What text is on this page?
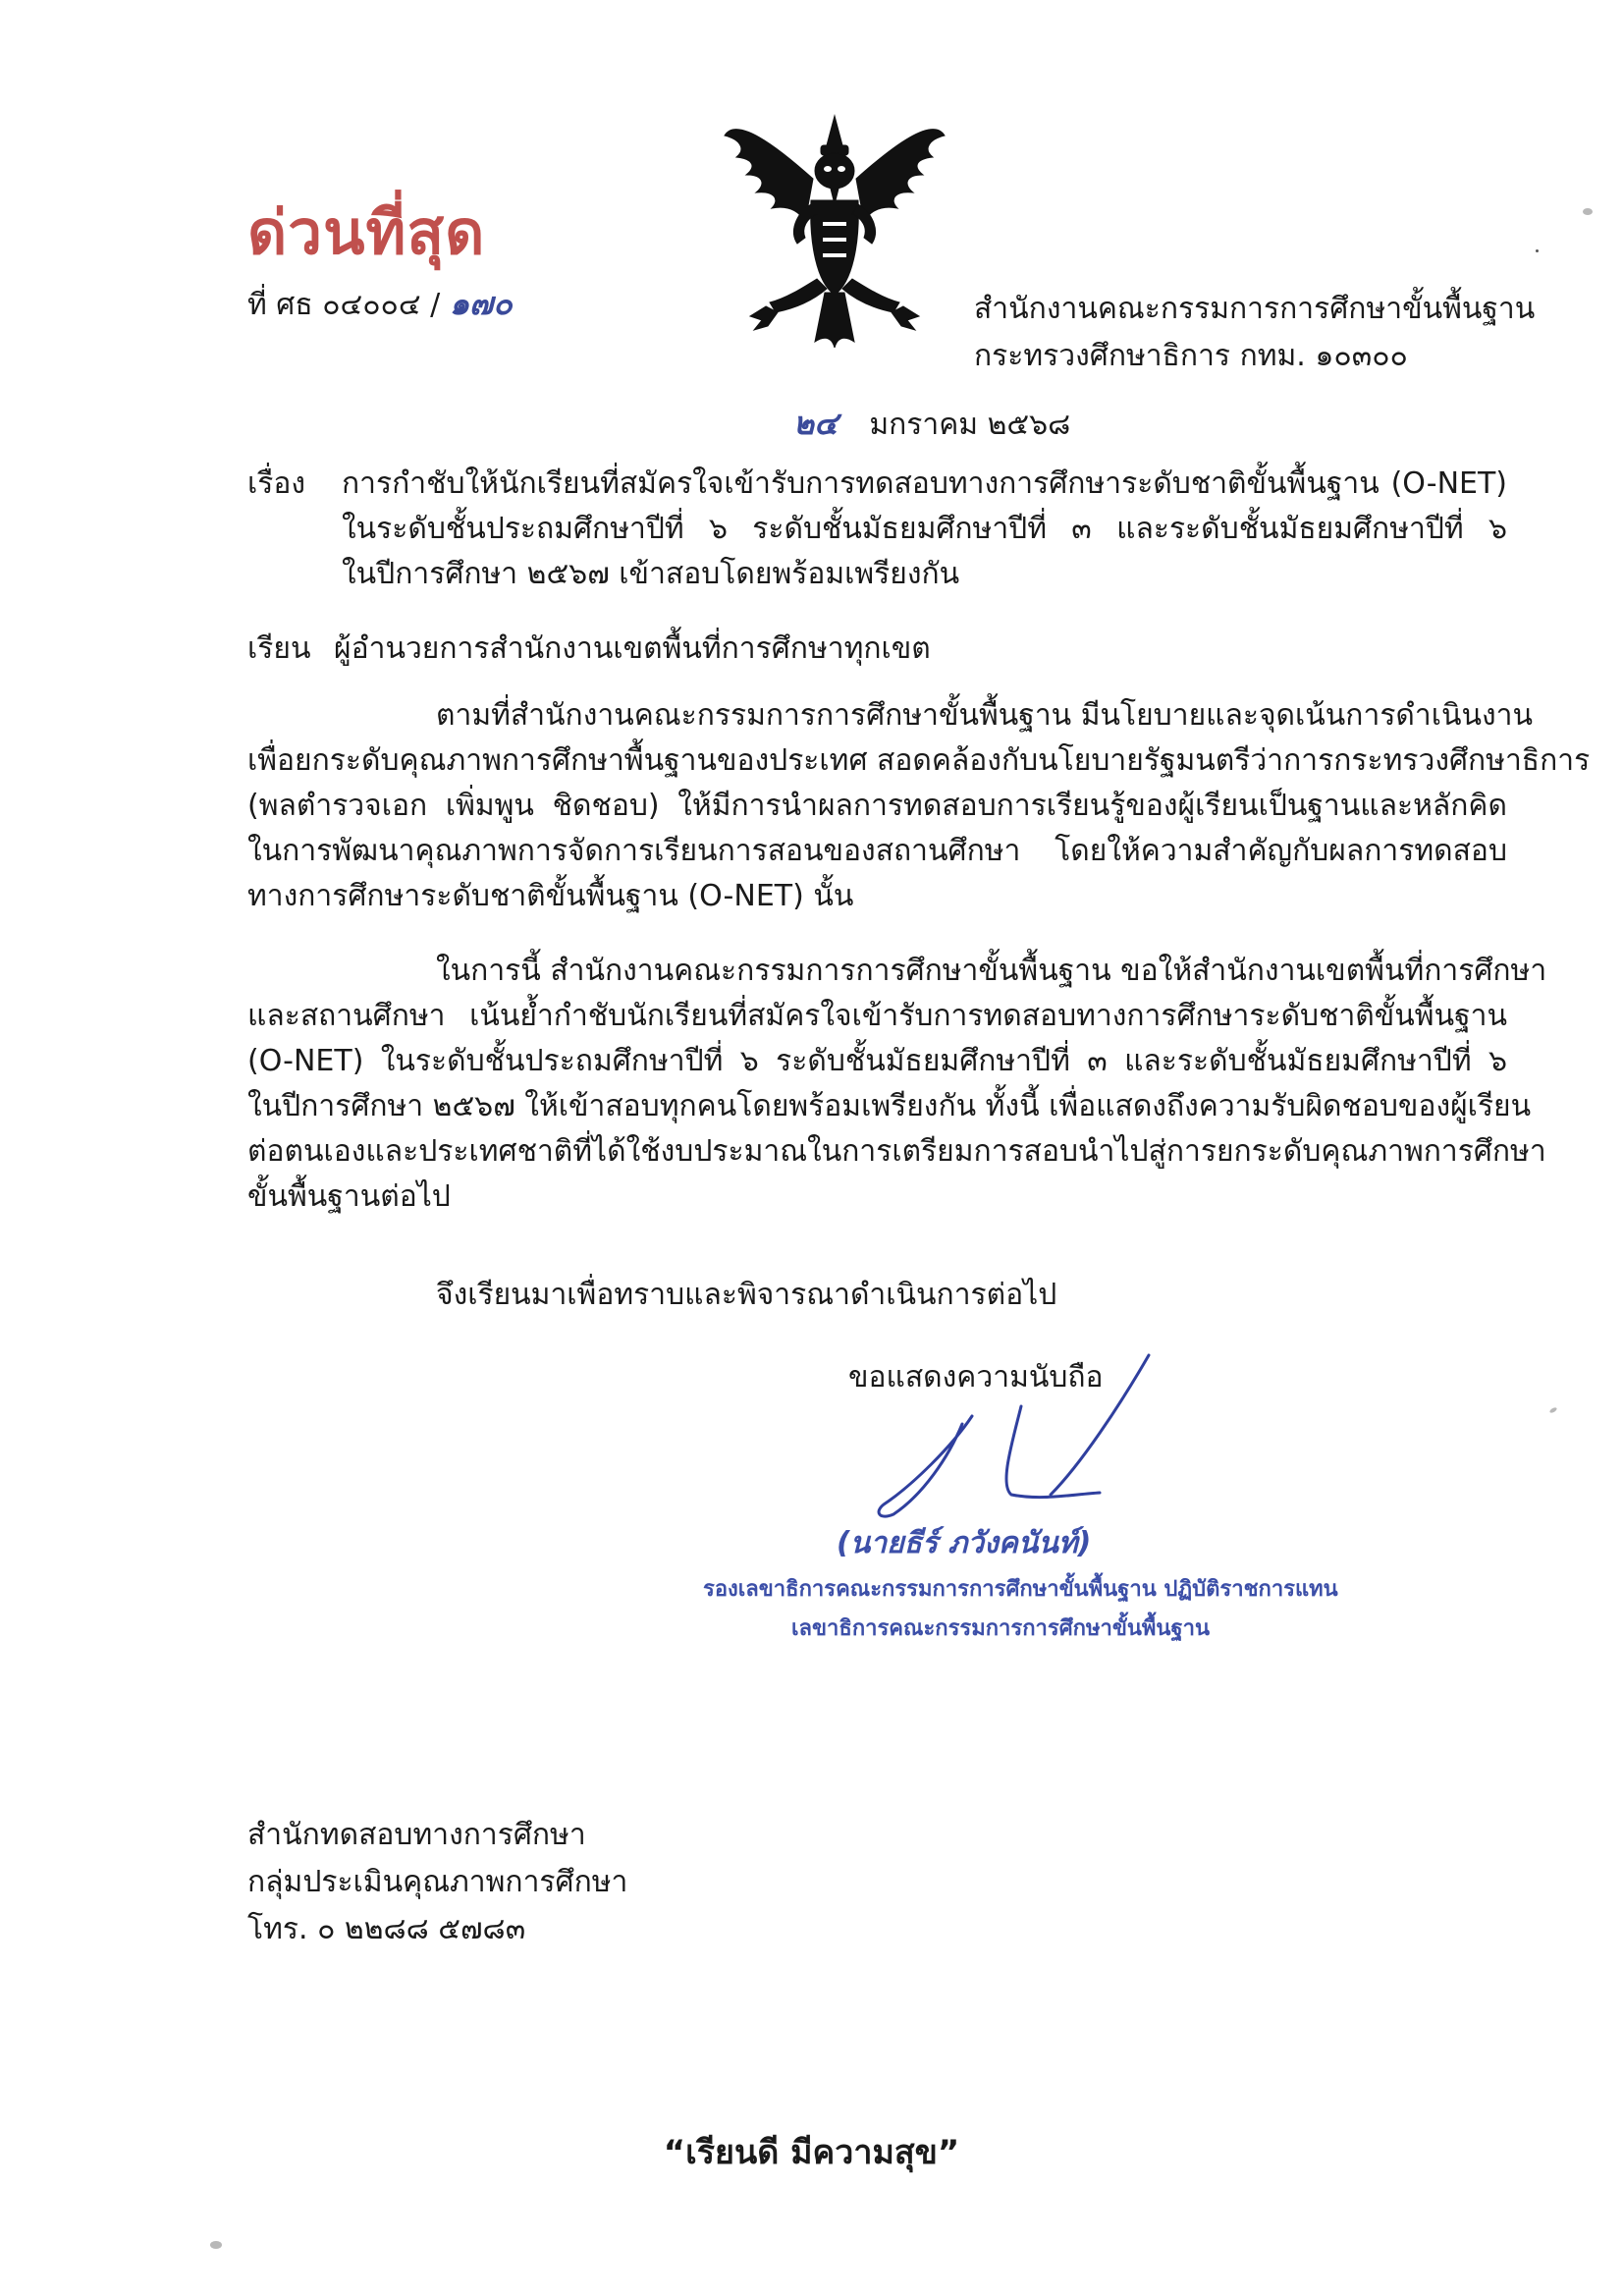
ด่วนที่สุด
ที่ ศธ ๐๔๐๐๔ / ๑๗๐	สำนักงานคณะกรรมการการศึกษาขั้นพื้นฐาน
กระทรวงศึกษาธิการ กทม. ๑๐๓๐๐
๒๔ มกราคม ๒๕๖๘
เรื่อง การกำชับให้นักเรียนที่สมัครใจเข้ารับการทดสอบทางการศึกษาระดับชาติขั้นพื้นฐาน (O-NET)
ในระดับชั้นประถมศึกษาปีที่ ๖ ระดับชั้นมัธยมศึกษาปีที่ ๓ และระดับชั้นมัธยมศึกษาปีที่ ๖
ในปีการศึกษา ๒๕๖๗ เข้าสอบโดยพร้อมเพรียงกัน
เรียน ผู้อำนวยการสำนักงานเขตพื้นที่การศึกษาทุกเขต
ตามที่สำนักงานคณะกรรมการการศึกษาขั้นพื้นฐาน มีนโยบายและจุดเน้นการดำเนินงาน
เพื่อยกระดับคุณภาพการศึกษาพื้นฐานของประเทศ สอดคล้องกับนโยบายรัฐมนตรีว่าการกระทรวงศึกษาธิการ
(พลตำรวจเอก เพิ่มพูน ชิดชอบ) ให้มีการนำผลการทดสอบการเรียนรู้ของผู้เรียนเป็นฐานและหลักคิด
ในการพัฒนาคุณภาพการจัดการเรียนการสอนของสถานศึกษา โดยให้ความสำคัญกับผลการทดสอบ
ทางการศึกษาระดับชาติขั้นพื้นฐาน (O-NET) นั้น
ในการนี้ สำนักงานคณะกรรมการการศึกษาขั้นพื้นฐาน ขอให้สำนักงานเขตพื้นที่การศึกษา
และสถานศึกษา เน้นย้ำกำชับนักเรียนที่สมัครใจเข้ารับการทดสอบทางการศึกษาระดับชาติขั้นพื้นฐาน
(O-NET) ในระดับชั้นประถมศึกษาปีที่ ๖ ระดับชั้นมัธยมศึกษาปีที่ ๓ และระดับชั้นมัธยมศึกษาปีที่ ๖
ในปีการศึกษา ๒๕๖๗ ให้เข้าสอบทุกคนโดยพร้อมเพรียงกัน ทั้งนี้ เพื่อแสดงถึงความรับผิดชอบของผู้เรียน
ต่อตนเองและประเทศชาติที่ได้ใช้งบประมาณในการเตรียมการสอบนำไปสู่การยกระดับคุณภาพการศึกษา
ขั้นพื้นฐานต่อไป
จึงเรียนมาเพื่อทราบและพิจารณาดำเนินการต่อไป
ขอแสดงความนับถือ
(นายธีร์ ภวังคนันท์)
รองเลขาธิการคณะกรรมการการศึกษาขั้นพื้นฐาน ปฏิบัติราชการแทน
เลขาธิการคณะกรรมการการศึกษาขั้นพื้นฐาน
สำนักทดสอบทางการศึกษา
กลุ่มประเมินคุณภาพการศึกษา
โทร. ๐ ๒๒๘๘ ๕๗๘๓
“เรียนดี มีความสุข”
